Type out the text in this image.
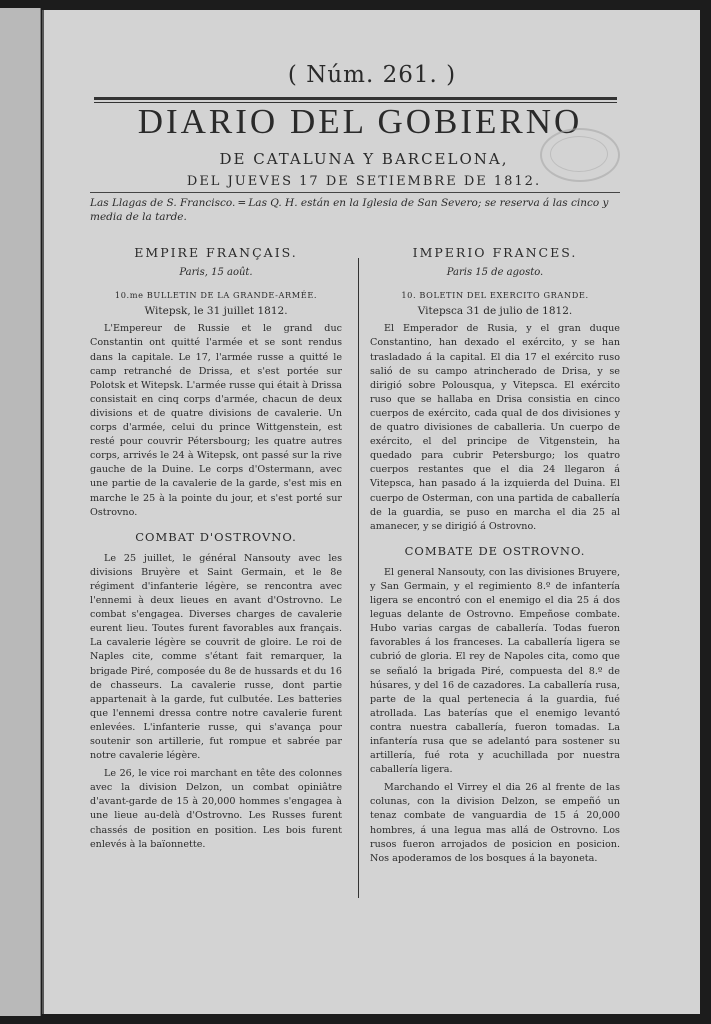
( Núm. 261. )
DIARIO DEL GOBIERNO
DE CATALUNA Y BARCELONA,
DEL JUEVES 17 DE SETIEMBRE DE 1812.
Las Llagas de S. Francisco. ═ Las Q. H. están en la Iglesia de San Severo; se reserva á las cinco y media de la tarde.
EMPIRE FRANÇAIS.
Paris, 15 août.
10.me BULLETIN DE LA GRANDE-ARMÉE.
Witepsk, le 31 juillet 1812.

L'Empereur de Russie et le grand duc Constantin ont quitté l'armée et se sont rendus dans la capitale. Le 17, l'armée russe a quitté le camp retranché de Drissa, et s'est portée sur Polotsk et Witepsk. L'armée russe qui était à Drissa consistait en cinq corps d'armée, chacun de deux divisions et de quatre divisions de cavalerie. Un corps d'armée, celui du prince Wittgenstein, est resté pour couvrir Pétersbourg; les quatre autres corps, arrivés le 24 à Witepsk, ont passé sur la rive gauche de la Duine. Le corps d'Ostermann, avec une partie de la cavalerie de la garde, s'est mis en marche le 25 à la pointe du jour, et s'est porté sur Ostrovno.

COMBAT D'OSTROVNO.

Le 25 juillet, le général Nansouty avec les divisions Bruyère et Saint Germain, et le 8e régiment d'infanterie légère, se rencontra avec l'ennemi à deux lieues en avant d'Ostrovno. Le combat s'engagea. Diverses charges de cavalerie eurent lieu. Toutes furent favorables aux français. La cavalerie légère se couvrit de gloire. Le roi de Naples cite, comme s'étant fait remarquer, la brigade Piré, composée du 8e de hussards et du 16 de chasseurs. La cavalerie russe, dont partie appartenait à la garde, fut culbutée. Les batteries que l'ennemi dressa contre notre cavalerie furent enlevées. L'infanterie russe, qui s'avança pour soutenir son artillerie, fut rompue et sabrée par notre cavalerie légère.

Le 26, le vice roi marchant en tête des colonnes avec la division Delzon, un combat opiniâtre d'avant-garde de 15 à 20,000 hommes s'engagea à une lieue au-delà d'Ostrovno. Les Russes furent chassés de position en position. Les bois furent enlevés à la baïonnette.

IMPERIO FRANCES.
Paris 15 de agosto.
10. BOLETIN DEL EXERCITO GRANDE.
Vitepsca 31 de julio de 1812.

El Emperador de Rusia, y el gran duque Constantino, han dexado el exército, y se han trasladado á la capital. El dia 17 el exército ruso salió de su campo atrincherado de Drisa, y se dirigió sobre Polousqua, y Vitepsca. El exército ruso que se hallaba en Drisa consistia en cinco cuerpos de exército, cada qual de dos divisiones y de quatro divisiones de caballeria. Un cuerpo de exército, el del principe de Vitgenstein, ha quedado para cubrir Petersburgo; los quatro cuerpos restantes que el dia 24 llegaron á Vitepsca, han pasado á la izquierda del Duina. El cuerpo de Osterman, con una partida de caballería de la guardia, se puso en marcha el dia 25 al amanecer, y se dirigió á Ostrovno.

COMBATE DE OSTROVNO.

El general Nansouty, con las divisiones Bruyere, y San Germain, y el regimiento 8.º de infantería ligera se encontró con el enemigo el dia 25 á dos leguas delante de Ostrovno. Empeñose combate. Hubo varias cargas de caballería. Todas fueron favorables á los franceses. La caballería ligera se cubrió de gloria. El rey de Napoles cita, como que se señaló la brigada Piré, compuesta del 8.º de húsares, y del 16 de cazadores. La caballería rusa, parte de la qual pertenecia á la guardia, fué atrollada. Las baterías que el enemigo levantó contra nuestra caballería, fueron tomadas. La infantería rusa que se adelantó para sostener su artillería, fué rota y acuchillada por nuestra caballería ligera.

Marchando el Virrey el dia 26 al frente de las colunas, con la division Delzon, se empeñó un tenaz combate de vanguardia de 15 á 20,000 hombres, á una legua mas allá de Ostrovno. Los rusos fueron arrojados de posicion en posicion. Nos apoderamos de los bosques á la bayoneta.
